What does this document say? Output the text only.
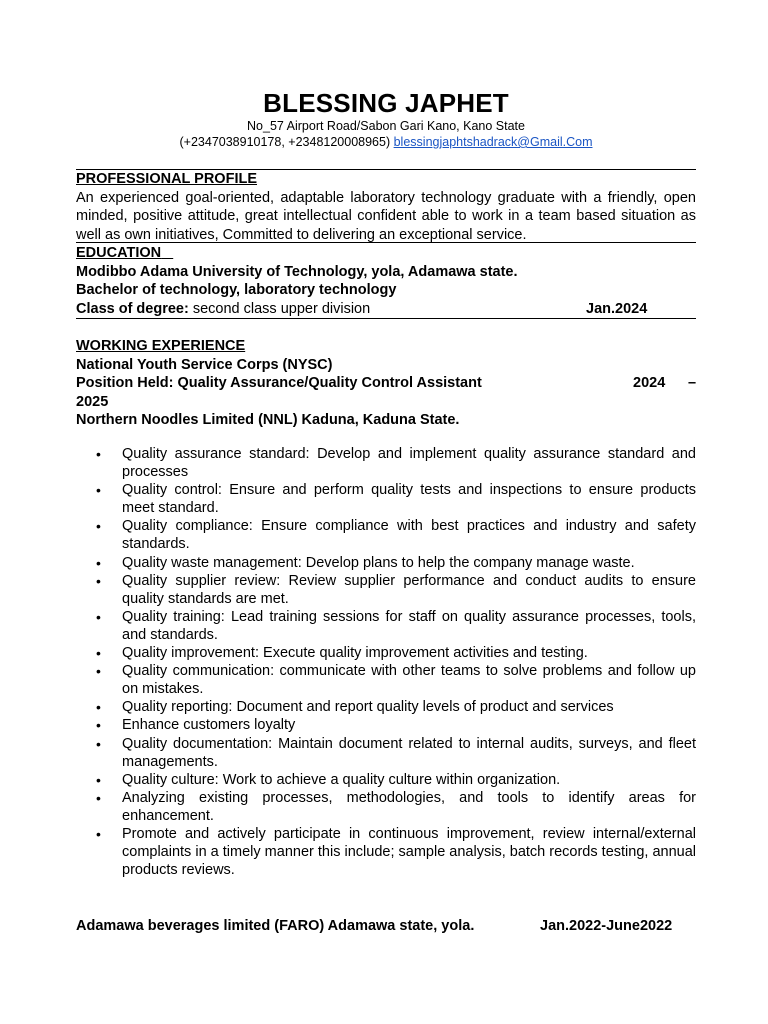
BLESSING JAPHET
No_57 Airport Road/Sabon Gari Kano, Kano State
(+2347038910178, +2348120008965) blessingjaphtshadrack@Gmail.Com
PROFESSIONAL PROFILE
An experienced goal-oriented, adaptable laboratory technology graduate with a friendly, open minded, positive attitude, great intellectual confident able to work in a team based situation as well as own initiatives, Committed to delivering an exceptional service.
EDUCATION
Modibbo Adama University of Technology, yola, Adamawa state.
Bachelor of technology, laboratory technology
Class of degree: second class upper division	Jan.2024
WORKING EXPERIENCE
National Youth Service Corps (NYSC)
Position Held: Quality Assurance/Quality Control Assistant	2024 –
2025
Northern Noodles Limited (NNL) Kaduna, Kaduna State.
• Quality assurance standard: Develop and implement quality assurance standard and processes
• Quality control: Ensure and perform quality tests and inspections to ensure products meet standard.
• Quality compliance: Ensure compliance with best practices and industry and safety standards.
• Quality waste management: Develop plans to help the company manage waste.
• Quality supplier review: Review supplier performance and conduct audits to ensure quality standards are met.
• Quality training: Lead training sessions for staff on quality assurance processes, tools, and standards.
• Quality improvement: Execute quality improvement activities and testing.
• Quality communication: communicate with other teams to solve problems and follow up on mistakes.
• Quality reporting: Document and report quality levels of product and services
• Enhance customers loyalty
• Quality documentation: Maintain document related to internal audits, surveys, and fleet managements.
• Quality culture: Work to achieve a quality culture within organization.
• Analyzing existing processes, methodologies, and tools to identify areas for enhancement.
• Promote and actively participate in continuous improvement, review internal/external complaints in a timely manner this include; sample analysis, batch records testing, annual products reviews.
Adamawa beverages limited (FARO) Adamawa state, yola.	Jan.2022-June2022
